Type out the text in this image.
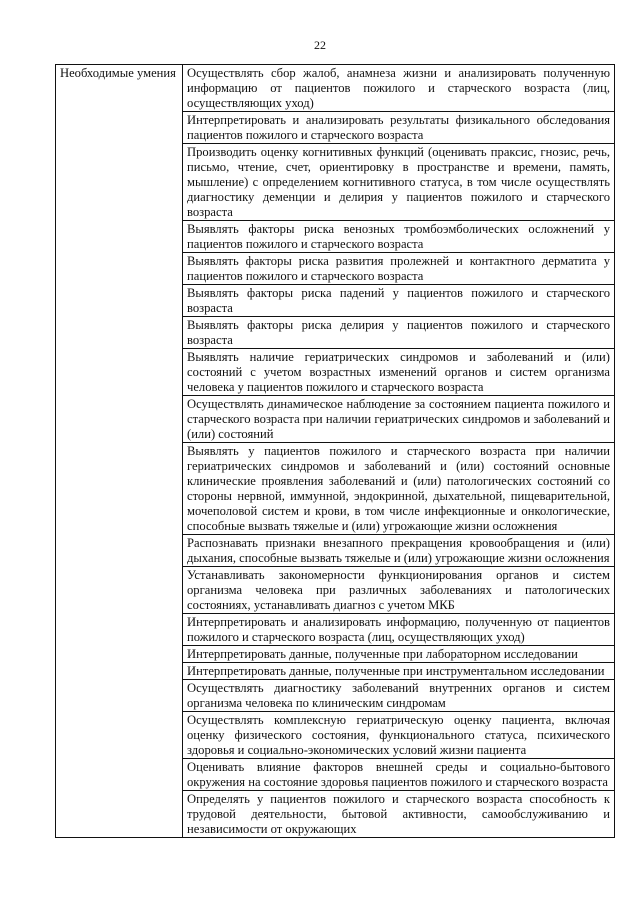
22
Необходимые умения	Осуществлять сбор жалоб, анамнеза жизни и анализировать полученную информацию от пациентов пожилого и старческого возраста (лиц, осуществляющих уход)
Интерпретировать и анализировать результаты физикального обследования пациентов пожилого и старческого возраста
Производить оценку когнитивных функций (оценивать праксис, гнозис, речь, письмо, чтение, счет, ориентировку в пространстве и времени, память, мышление) с определением когнитивного статуса, в том числе осуществлять диагностику деменции и делирия у пациентов пожилого и старческого возраста
Выявлять факторы риска венозных тромбоэмболических осложнений у пациентов пожилого и старческого возраста
Выявлять факторы риска развития пролежней и контактного дерматита у пациентов пожилого и старческого возраста
Выявлять факторы риска падений у пациентов пожилого и старческого возраста
Выявлять факторы риска делирия у пациентов пожилого и старческого возраста
Выявлять наличие гериатрических синдромов и заболеваний и (или) состояний с учетом возрастных изменений органов и систем организма человека у пациентов пожилого и старческого возраста
Осуществлять динамическое наблюдение за состоянием пациента пожилого и старческого возраста при наличии гериатрических синдромов и заболеваний и (или) состояний
Выявлять у пациентов пожилого и старческого возраста при наличии гериатрических синдромов и заболеваний и (или) состояний основные клинические проявления заболеваний и (или) патологических состояний со стороны нервной, иммунной, эндокринной, дыхательной, пищеварительной, мочеполовой систем и крови, в том числе инфекционные и онкологические, способные вызвать тяжелые и (или) угрожающие жизни осложнения
Распознавать признаки внезапного прекращения кровообращения и (или) дыхания, способные вызвать тяжелые и (или) угрожающие жизни осложнения
Устанавливать закономерности функционирования органов и систем организма человека при различных заболеваниях и патологических состояниях, устанавливать диагноз с учетом МКБ
Интерпретировать и анализировать информацию, полученную от пациентов пожилого и старческого возраста (лиц, осуществляющих уход)
Интерпретировать данные, полученные при лабораторном исследовании
Интерпретировать данные, полученные при инструментальном исследовании
Осуществлять диагностику заболеваний внутренних органов и систем организма человека по клиническим синдромам
Осуществлять комплексную гериатрическую оценку пациента, включая оценку физического состояния, функционального статуса, психического здоровья и социально-экономических условий жизни пациента
Оценивать влияние факторов внешней среды и социально-бытового окружения на состояние здоровья пациентов пожилого и старческого возраста
Определять у пациентов пожилого и старческого возраста способность к трудовой деятельности, бытовой активности, самообслуживанию и независимости от окружающих
